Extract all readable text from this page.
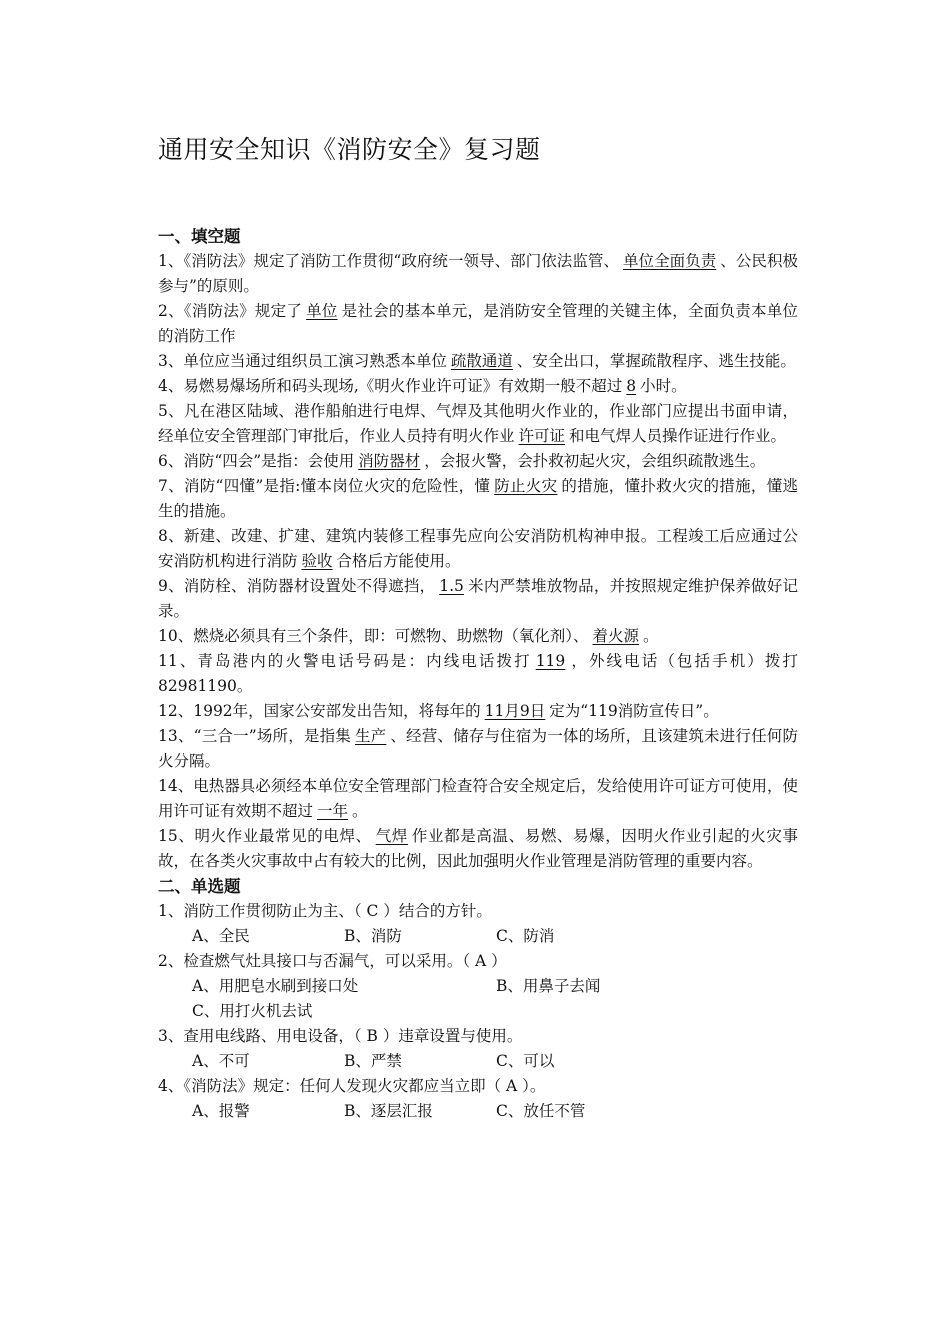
通用安全知识《消防安全》复习题
一、填空题

1、《消防法》规定了消防工作贯彻“政府统一领导、部门依法监管、 单位全面负责 、公民积极参与”的原则。

2、《消防法》规定了 单位 是社会的基本单元，是消防安全管理的关键主体，全面负责本单位的消防工作

3、单位应当通过组织员工演习熟悉本单位 疏散通道 、安全出口，掌握疏散程序、逃生技能。

4、易燃易爆场所和码头现场,《明火作业许可证》有效期一般不超过 8 小时。

5、凡在港区陆域、港作船舶进行电焊、气焊及其他明火作业的，作业部门应提出书面申请，经单位安全管理部门审批后，作业人员持有明火作业 许可证 和电气焊人员操作证进行作业。

6、消防“四会”是指：会使用 消防器材 ，会报火警，会扑救初起火灾，会组织疏散逃生。

7、消防“四懂”是指:懂本岗位火灾的危险性，懂 防止火灾 的措施，懂扑救火灾的措施，懂逃生的措施。

8、新建、改建、扩建、建筑内装修工程事先应向公安消防机构神申报。工程竣工后应通过公安消防机构进行消防 验收 合格后方能使用。

9、消防栓、消防器材设置处不得遮挡， 1.5 米内严禁堆放物品，并按照规定维护保养做好记录。

10、燃烧必须具有三个条件，即：可燃物、助燃物（氧化剂）、 着火源 。

11、青岛港内的火警电话号码是：内线电话拨打 119 ，外线电话（包括手机）拨打82981190。

12、1992年，国家公安部发出告知，将每年的 11月9日 定为“119消防宣传日”。

13、“三合一”场所，是指集 生产 、经营、储存与住宿为一体的场所，且该建筑未进行任何防火分隔。

14、电热器具必须经本单位安全管理部门检查符合安全规定后，发给使用许可证方可使用，使用许可证有效期不超过 一年 。

15、明火作业最常见的电焊、 气焊 作业都是高温、易燃、易爆，因明火作业引起的火灾事故，在各类火灾事故中占有较大的比例，因此加强明火作业管理是消防管理的重要内容。

二、单选题

1、消防工作贯彻防止为主、（ C ）结合的方针。

A、全民	B、消防	C、防消

2、检查燃气灶具接口与否漏气，可以采用。（ A ）

A、用肥皂水刷到接口处	B、用鼻子去闻
C、用打火机去试

3、查用电线路、用电设备，（ B ）违章设置与使用。

A、不可	B、严禁	C、可以

4、《消防法》规定：任何人发现火灾都应当立即（ A ）。

A、报警	B、逐层汇报	C、放任不管
